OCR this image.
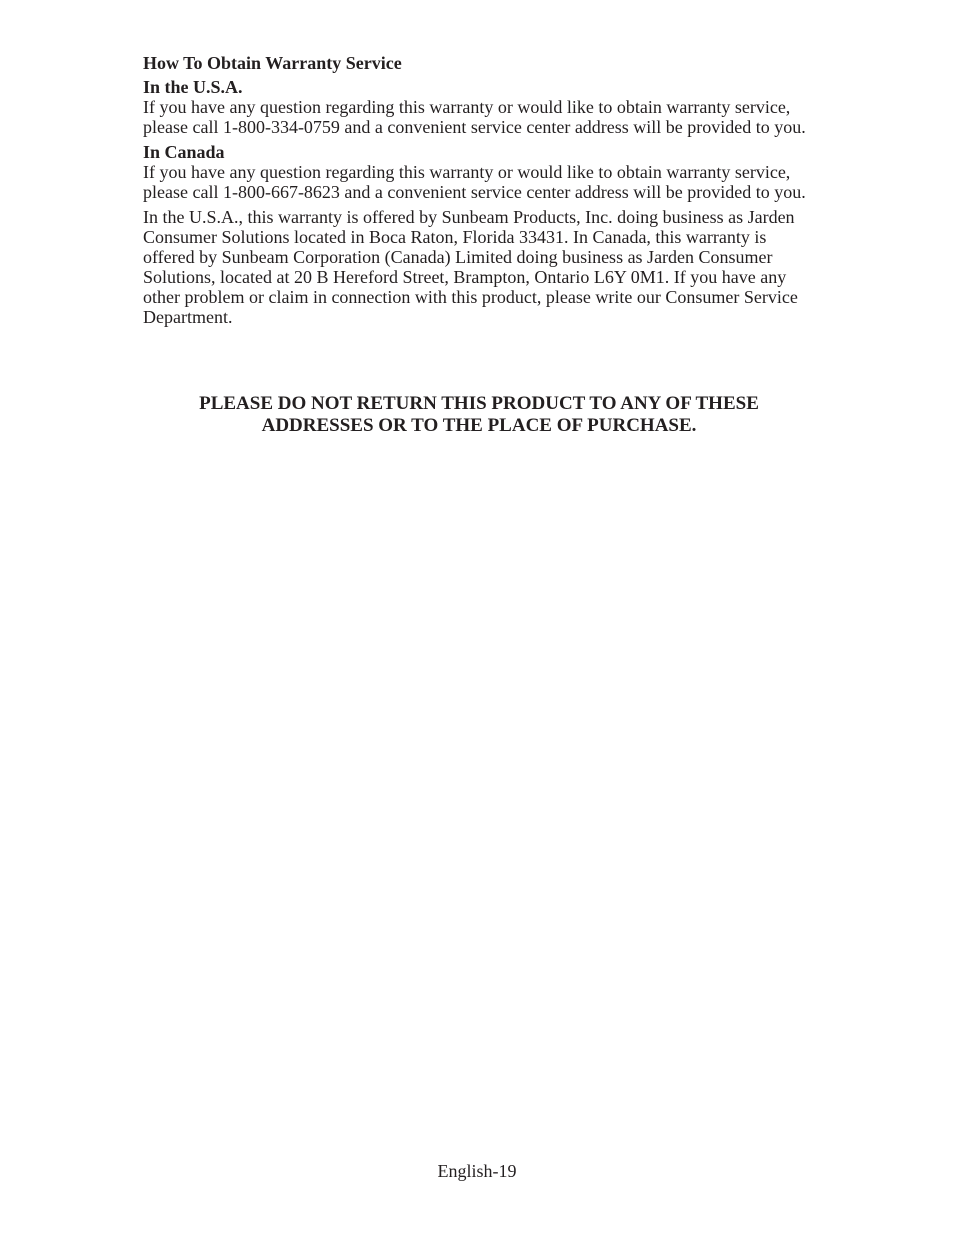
How To Obtain Warranty Service
In the U.S.A.

If you have any question regarding this warranty or would like to obtain warranty service, please call 1-800-334-0759 and a convenient service center address will be provided to you.

In Canada

If you have any question regarding this warranty or would like to obtain warranty service, please call 1-800-667-8623 and a convenient service center address will be provided to you.

In the U.S.A., this warranty is offered by Sunbeam Products, Inc. doing business as Jarden Consumer Solutions located in Boca Raton, Florida 33431. In Canada, this warranty is offered by Sunbeam Corporation (Canada) Limited doing business as Jarden Consumer Solutions, located at 20 B Hereford Street, Brampton, Ontario L6Y 0M1. If you have any other problem or claim in connection with this product, please write our Consumer Service Department.

PLEASE DO NOT RETURN THIS PRODUCT TO ANY OF THESE
ADDRESSES OR TO THE PLACE OF PURCHASE.
English-19
